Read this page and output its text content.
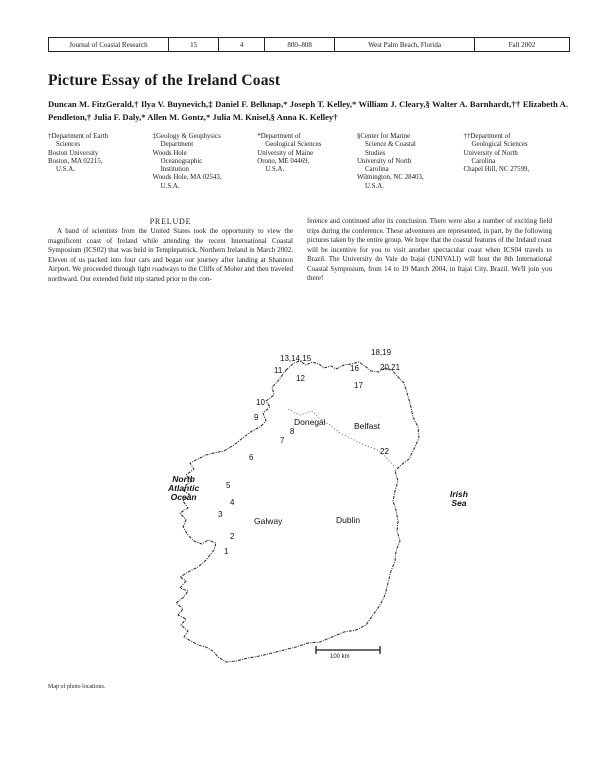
Journal of Coastal Research	15	4	800–808	West Palm Beach, Florida	Fall 2002
Picture Essay of the Ireland Coast

Duncan M. FitzGerald,† Ilya V. Buynevich,‡ Daniel F. Belknap,* Joseph T. Kelley,* William J. Cleary,§ Walter A. Barnhardt,†† Elizabeth A. Pendleton,† Julia F. Daly,* Allen M. Gontz,* Julia M. Knisel,§ Anna K. Kelley†

†Department of Earth
Sciences
Boston University
Boston, MA 02215,
U.S.A.
‡Geology & Geophysics
Department
Woods Hole
Oceanographic
Institution
Woods Hole, MA 02543,
U.S.A.
*Department of
Geological Sciences
University of Maine
Orono, ME 04469,
U.S.A.
§Center for Marine
Science & Coastal
Studies
University of North
Carolina
Wilmington, NC 28403,
U.S.A.
††Department of
Geological Sciences
University of North
Carolina
Chapel Hill, NC 27599,
PRELUDE

A band of scientists from the United States took the opportunity to view the magnificent coast of Ireland while attending the recent International Coastal Symposium (ICS02) that was held in Templepatrick, Northern Ireland in March 2002. Eleven of us packed into four cars and began our journey after landing at Shannon Airport. We proceeded through light roadways to the Cliffs of Moher and then traveled northward. Our extended field trip started prior to the con-

ference and continued after its conclusion. There were also a number of exciting field trips during the conference. These adventures are represented, in part, by the following pictures taken by the entire group. We hope that the coastal features of the Ireland coast will be incentive for you to visit another spectacular coast when ICS04 travels to Brazil. The University do Vale do Itajai (UNIVALI) will host the 8th International Coastal Symposium, from 14 to 19 March 2004, in Itajai City, Brazil. We'll join you there!

North
Atlantic
Ocean	Irish
Sea
Donegal	Belfast
Galway	Dublin
13,14,15
18,19
16	20,21
11
12
17
10
9
8
7
6
22
5
4
3
2
1
100 km

Map of photo locations.
